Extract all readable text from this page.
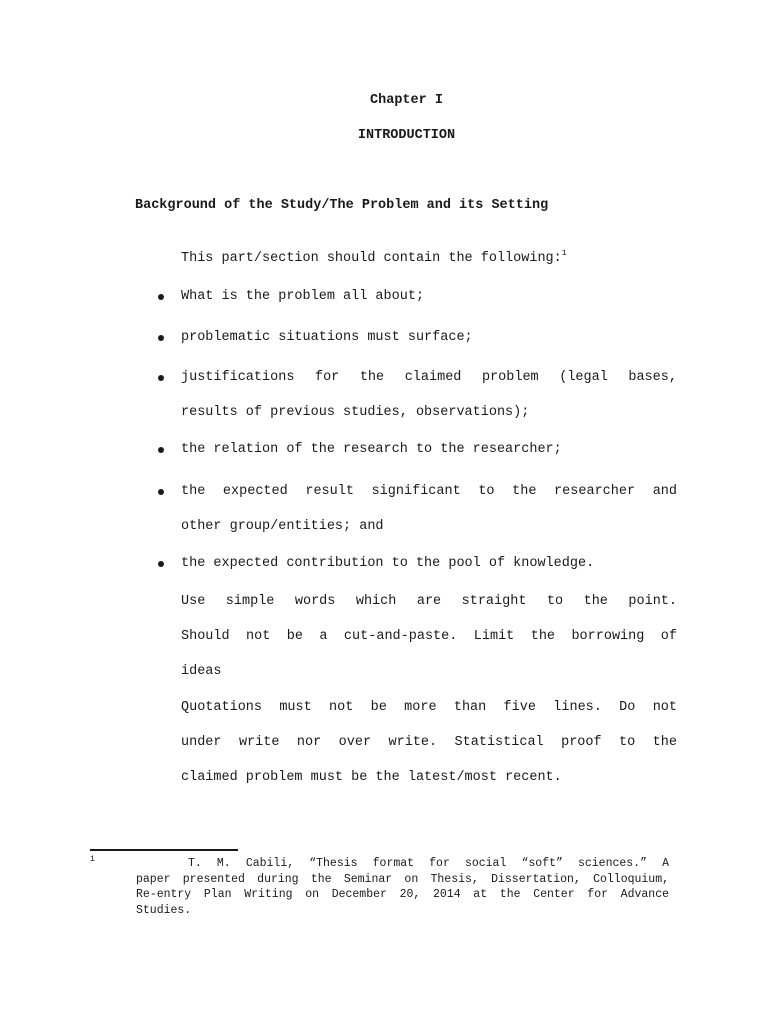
Chapter I
INTRODUCTION
Background of the Study/The Problem and its Setting
This part/section should contain the following:$^1$
What is the problem all about;
problematic situations must surface;
justifications for the claimed problem (legal bases,
results of previous studies, observations);
the relation of the research to the researcher;
the expected result significant to the researcher and
other group/entities; and
the expected contribution to the pool of knowledge.
Use simple words which are straight to the point.
Should not be a cut-and-paste. Limit the borrowing of
ideas
Quotations must not be more than five lines. Do not
under write nor over write. Statistical proof to the
claimed problem must be the latest/most recent.
1	T. M. Cabili, “Thesis format for social “soft” sciences.” A
paper presented during the Seminar on Thesis, Dissertation, Colloquium,
Re-entry Plan Writing on December 20, 2014 at the Center for Advance
Studies.
